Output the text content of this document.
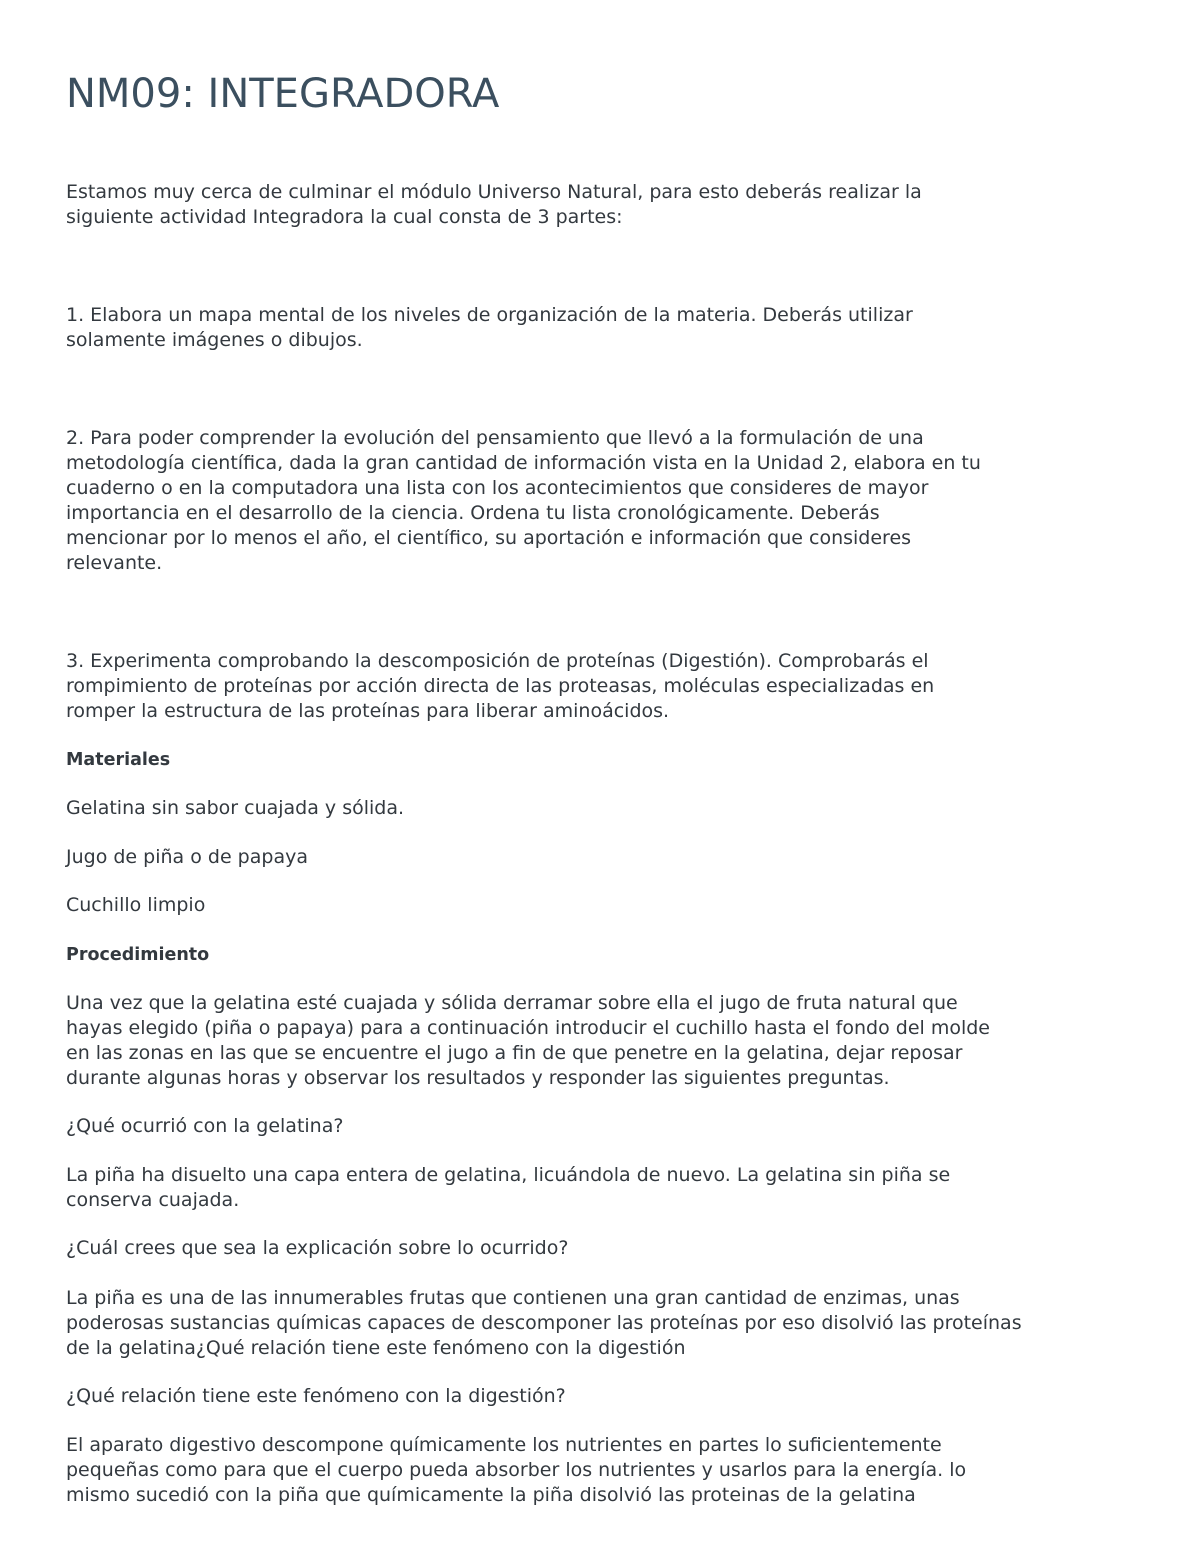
NM09: INTEGRADORA

Estamos muy cerca de culminar el módulo Universo Natural, para esto deberás realizar la
siguiente actividad Integradora la cual consta de 3 partes:

1. Elabora un mapa mental de los niveles de organización de la materia. Deberás utilizar
solamente imágenes o dibujos.

2. Para poder comprender la evolución del pensamiento que llevó a la formulación de una
metodología científica, dada la gran cantidad de información vista en la Unidad 2, elabora en tu
cuaderno o en la computadora una lista con los acontecimientos que consideres de mayor
importancia en el desarrollo de la ciencia. Ordena tu lista cronológicamente. Deberás
mencionar por lo menos el año, el científico, su aportación e información que consideres
relevante.

3. Experimenta comprobando la descomposición de proteínas (Digestión). Comprobarás el
rompimiento de proteínas por acción directa de las proteasas, moléculas especializadas en
romper la estructura de las proteínas para liberar aminoácidos.

Materiales

Gelatina sin sabor cuajada y sólida.

Jugo de piña o de papaya

Cuchillo limpio

Procedimiento

Una vez que la gelatina esté cuajada y sólida derramar sobre ella el jugo de fruta natural que
hayas elegido (piña o papaya) para a continuación introducir el cuchillo hasta el fondo del molde
en las zonas en las que se encuentre el jugo a fin de que penetre en la gelatina, dejar reposar
durante algunas horas y observar los resultados y responder las siguientes preguntas.

¿Qué ocurrió con la gelatina?

La piña ha disuelto una capa entera de gelatina, licuándola de nuevo. La gelatina sin piña se
conserva cuajada.

¿Cuál crees que sea la explicación sobre lo ocurrido?

La piña es una de las innumerables frutas que contienen una gran cantidad de enzimas, unas
poderosas sustancias químicas capaces de descomponer las proteínas por eso disolvió las proteínas
de la gelatina¿Qué relación tiene este fenómeno con la digestión

¿Qué relación tiene este fenómeno con la digestión?

El aparato digestivo descompone químicamente los nutrientes en partes lo suficientemente
pequeñas como para que el cuerpo pueda absorber los nutrientes y usarlos para la energía. lo
mismo sucedió con la piña que químicamente la piña disolvió las proteinas de la gelatina
